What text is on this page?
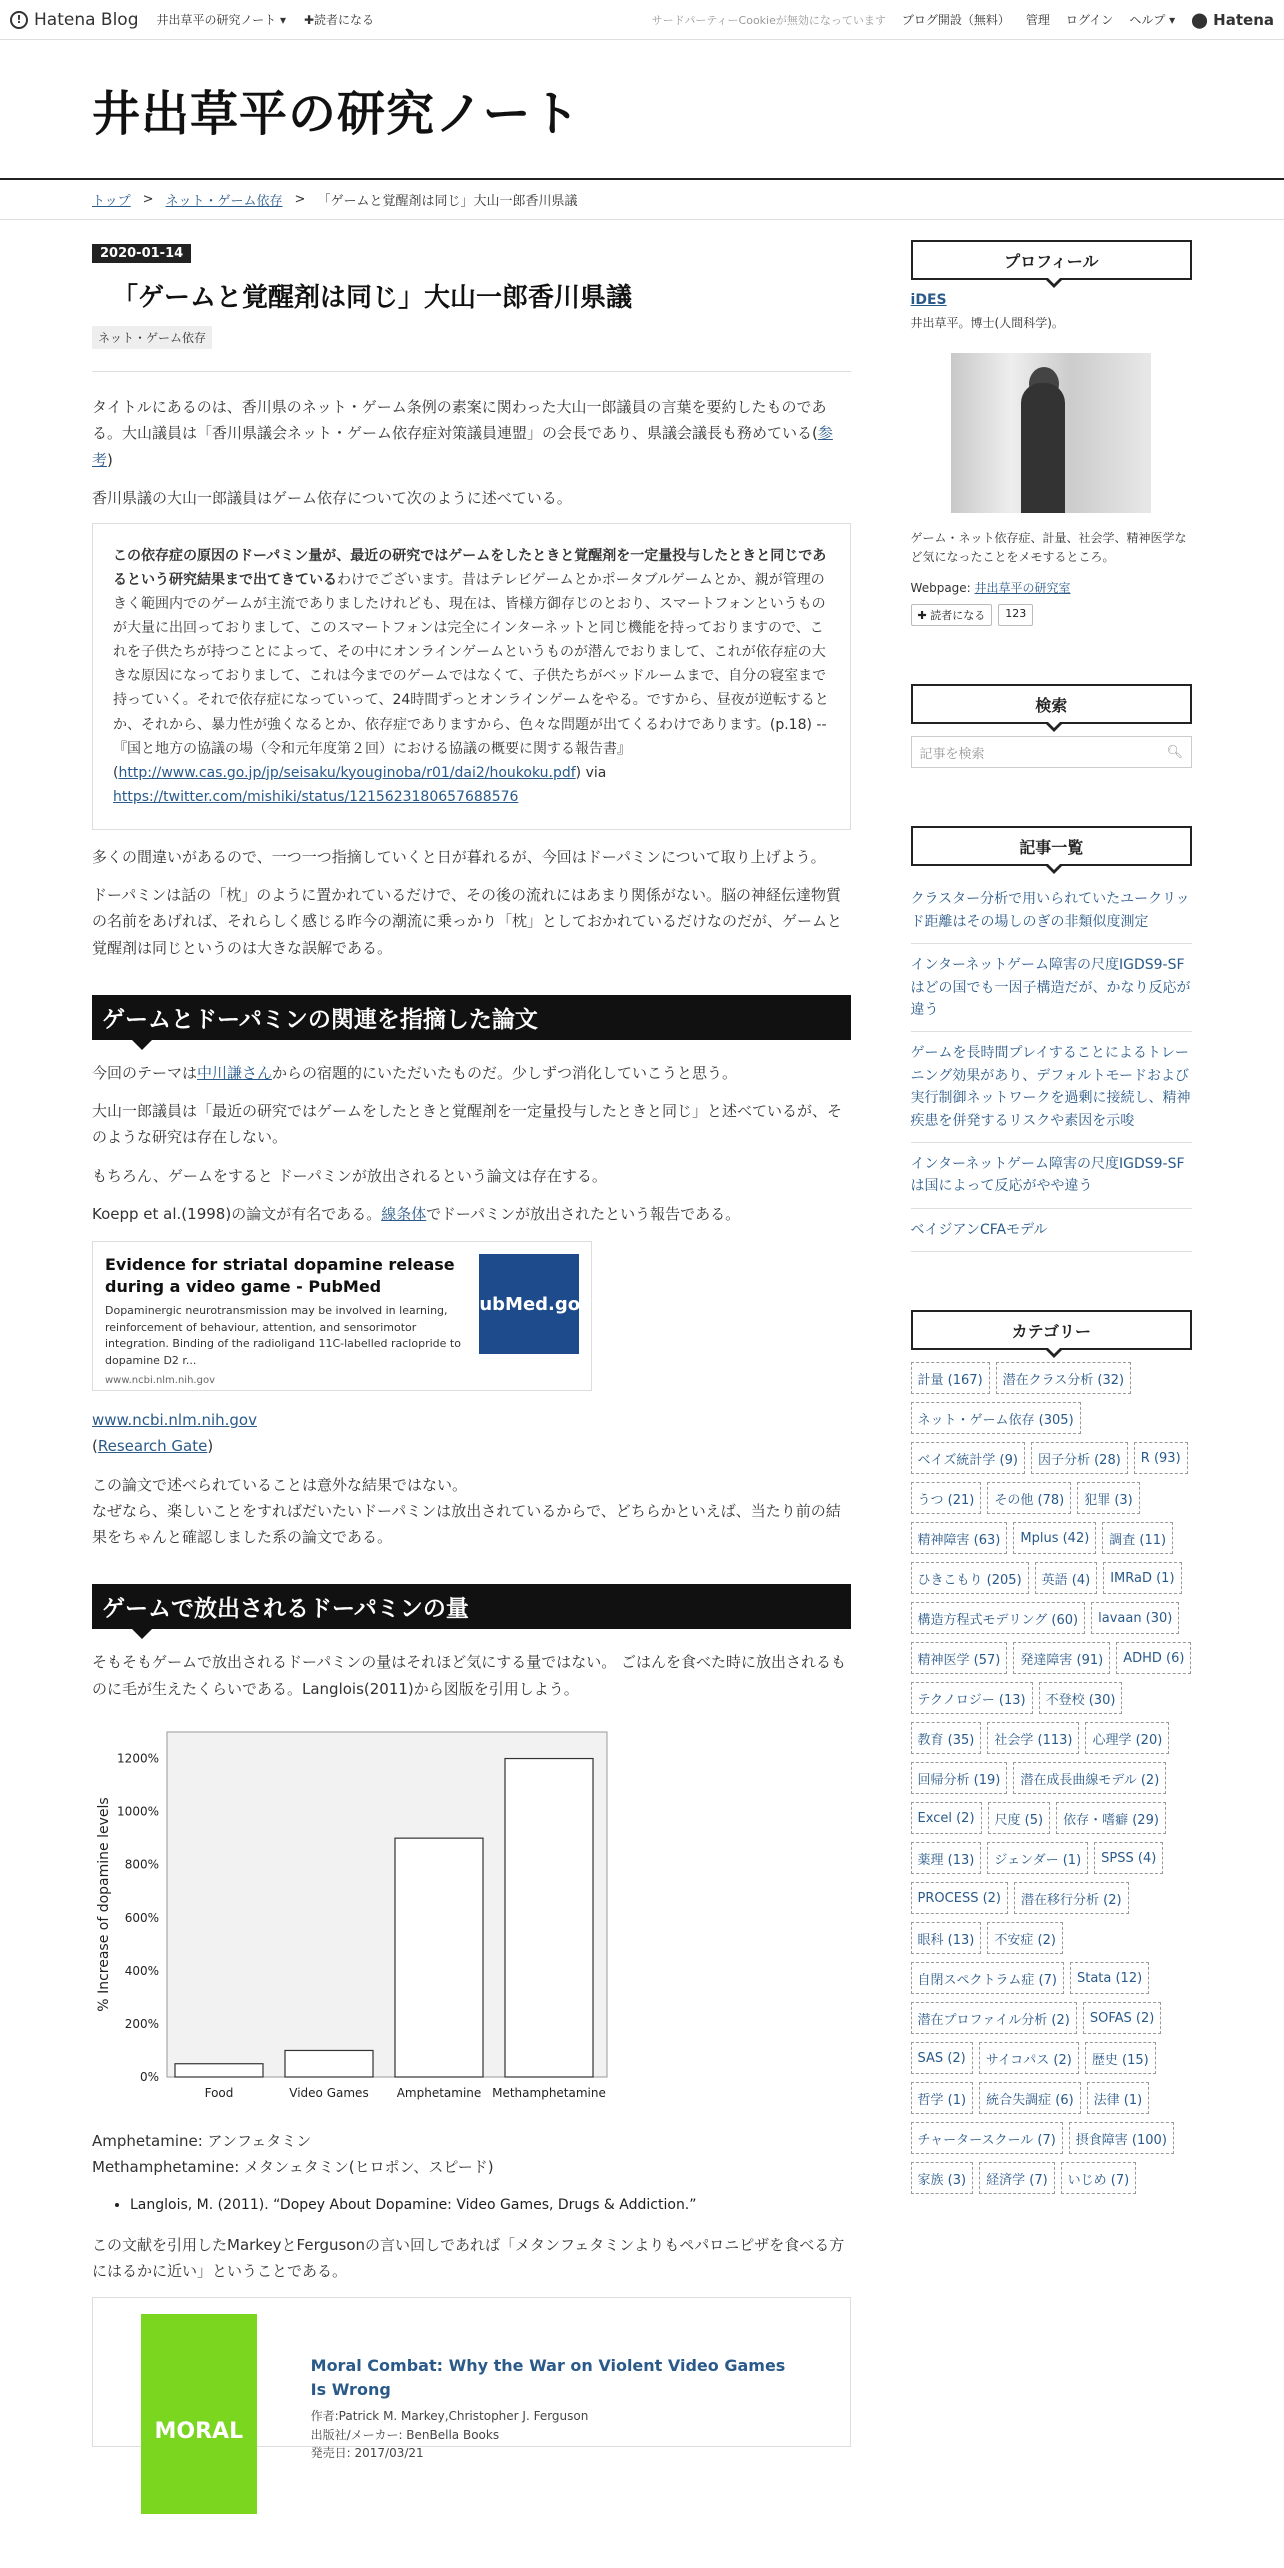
! Hatena Blog 井出草平の研究ノート ▾ ✚読者になる	サードパーティーCookieが無効になっています ブログ開設（無料） 管理 ログイン ヘルプ ▾ ⬤ Hatena
井出草平の研究ノート
トップ > ネット・ゲーム依存 > 「ゲームと覚醒剤は同じ」大山一郎香川県議
2020-01-14
「ゲームと覚醒剤は同じ」大山一郎香川県議
ネット・ゲーム依存

タイトルにあるのは、香川県のネット・ゲーム条例の素案に関わった大山一郎議員の言葉を要約したものである。大山議員は「香川県議会ネット・ゲーム依存症対策議員連盟」の会長であり、県議会議長も務めている(参考)

香川県議の大山一郎議員はゲーム依存について次のように述べている。

この依存症の原因のドーパミン量が、最近の研究ではゲームをしたときと覚醒剤を一定量投与したときと同じであるという研究結果まで出てきているわけでございます。昔はテレビゲームとかポータブルゲームとか、親が管理のきく範囲内でのゲームが主流でありましたけれども、現在は、皆様方御存じのとおり、スマートフォンというものが大量に出回っておりまして、このスマートフォンは完全にインターネットと同じ機能を持っておりますので、これを子供たちが持つことによって、その中にオンラインゲームというものが潜んでおりまして、これが依存症の大きな原因になっておりまして、これは今までのゲームではなくて、子供たちがベッドルームまで、自分の寝室まで持っていく。それで依存症になっていって、24時間ずっとオンラインゲームをやる。ですから、昼夜が逆転するとか、それから、暴力性が強くなるとか、依存症でありますから、色々な問題が出てくるわけであります。(p.18) --『国と地方の協議の場（令和元年度第２回）における協議の概要に関する報告書』(http://www.cas.go.jp/jp/seisaku/kyouginoba/r01/dai2/houkoku.pdf) via
https://twitter.com/mishiki/status/1215623180657688576

多くの間違いがあるので、一つ一つ指摘していくと日が暮れるが、今回はドーパミンについて取り上げよう。

ドーパミンは話の「枕」のように置かれているだけで、その後の流れにはあまり関係がない。脳の神経伝達物質の名前をあげれば、それらしく感じる昨今の潮流に乗っかり「枕」としておかれているだけなのだが、ゲームと覚醒剤は同じというのは大きな誤解である。

ゲームとドーパミンの関連を指摘した論文

今回のテーマは中川謙さんからの宿題的にいただいたものだ。少しずつ消化していこうと思う。

大山一郎議員は「最近の研究ではゲームをしたときと覚醒剤を一定量投与したときと同じ」と述べているが、そのような研究は存在しない。

もちろん、ゲームをすると ドーパミンが放出されるという論文は存在する。

Koepp et al.(1998)の論文が有名である。線条体でドーパミンが放出されたという報告である。

Evidence for striatal dopamine release during a video game - PubMed
Dopaminergic neurotransmission may be involved in learning, reinforcement of behaviour, attention, and sensorimotor integration. Binding of the radioligand 11C-labelled raclopride to dopamine D2 r...
www.ncbi.nlm.nih.gov
PubMed.gov

www.ncbi.nlm.nih.gov
(Research Gate)

この論文で述べられていることは意外な結果ではない。
なぜなら、楽しいことをすればだいたいドーパミンは放出されているからで、どちらかといえば、当たり前の結果をちゃんと確認しました系の論文である。

ゲームで放出されるドーパミンの量

そもそもゲームで放出されるドーパミンの量はそれほど気にする量ではない。 ごはんを食べた時に放出されるものに毛が生えたくらいである。Langlois(2011)から図版を引用しよう。

0%
200%
400%
600%
800%
1000%
1200%
% Increase of dopamine levels
Food	Video Games Amphetamine Methamphetamine

Amphetamine: アンフェタミン
Methamphetamine: メタンェタミン(ヒロポン、スピード)

• Langlois, M. (2011). “Dopey About Dopamine: Video Games, Drugs & Addiction.”

この文献を引用したMarkeyとFergusonの言い回しであれば「メタンフェタミンよりもペパロニピザを食べる方にはるかに近い」ということである。

MORAL
Moral Combat: Why the War on Violent Video Games Is Wrong
作者:Patrick M. Markey,Christopher J. Ferguson
出版社/メーカー: BenBella Books
発売日: 2017/03/21
プロフィール
iDES
井出草平。博士(人間科学)。
ゲーム・ネット依存症、計量、社会学、精神医学など気になったことをメモするところ。
Webpage: 井出草平の研究室
✚ 読者になる	123
検索
記事を検索	🔍︎
記事一覧
クラスター分析で用いられていたユークリッド距離はその場しのぎの非類似度測定
インターネットゲーム障害の尺度IGDS9-SFはどの国でも一因子構造だが、かなり反応が違う
ゲームを長時間プレイすることによるトレーニング効果があり、デフォルトモードおよび実行制御ネットワークを過剰に接続し、精神疾患を併発するリスクや素因を示唆
インターネットゲーム障害の尺度IGDS9-SFは国によって反応がやや違う
ベイジアンCFAモデル
カテゴリー
計量 (167)	潜在クラス分析 (32)
ネット・ゲーム依存 (305)
ベイズ統計学 (9)	因子分析 (28)	R (93)
うつ (21)	その他 (78)	犯罪 (3)
精神障害 (63)	Mplus (42)	調査 (11)
ひきこもり (205)	英語 (4)	IMRaD (1)
構造方程式モデリング (60)	lavaan (30)
精神医学 (57)	発達障害 (91)	ADHD (6)
テクノロジー (13)	不登校 (30)
教育 (35)	社会学 (113)	心理学 (20)
回帰分析 (19)	潜在成長曲線モデル (2)
Excel (2)	尺度 (5)	依存・嗜癖 (29)
薬理 (13)	ジェンダー (1)	SPSS (4)
PROCESS (2)	潜在移行分析 (2)
眼科 (13)	不安症 (2)
自閉スペクトラム症 (7)	Stata (12)
潜在プロファイル分析 (2)	SOFAS (2)
SAS (2)	サイコパス (2)	歴史 (15)
哲学 (1)	統合失調症 (6)	法律 (1)
チャータースクール (7)	摂食障害 (100)
家族 (3)	経済学 (7)	いじめ (7)
